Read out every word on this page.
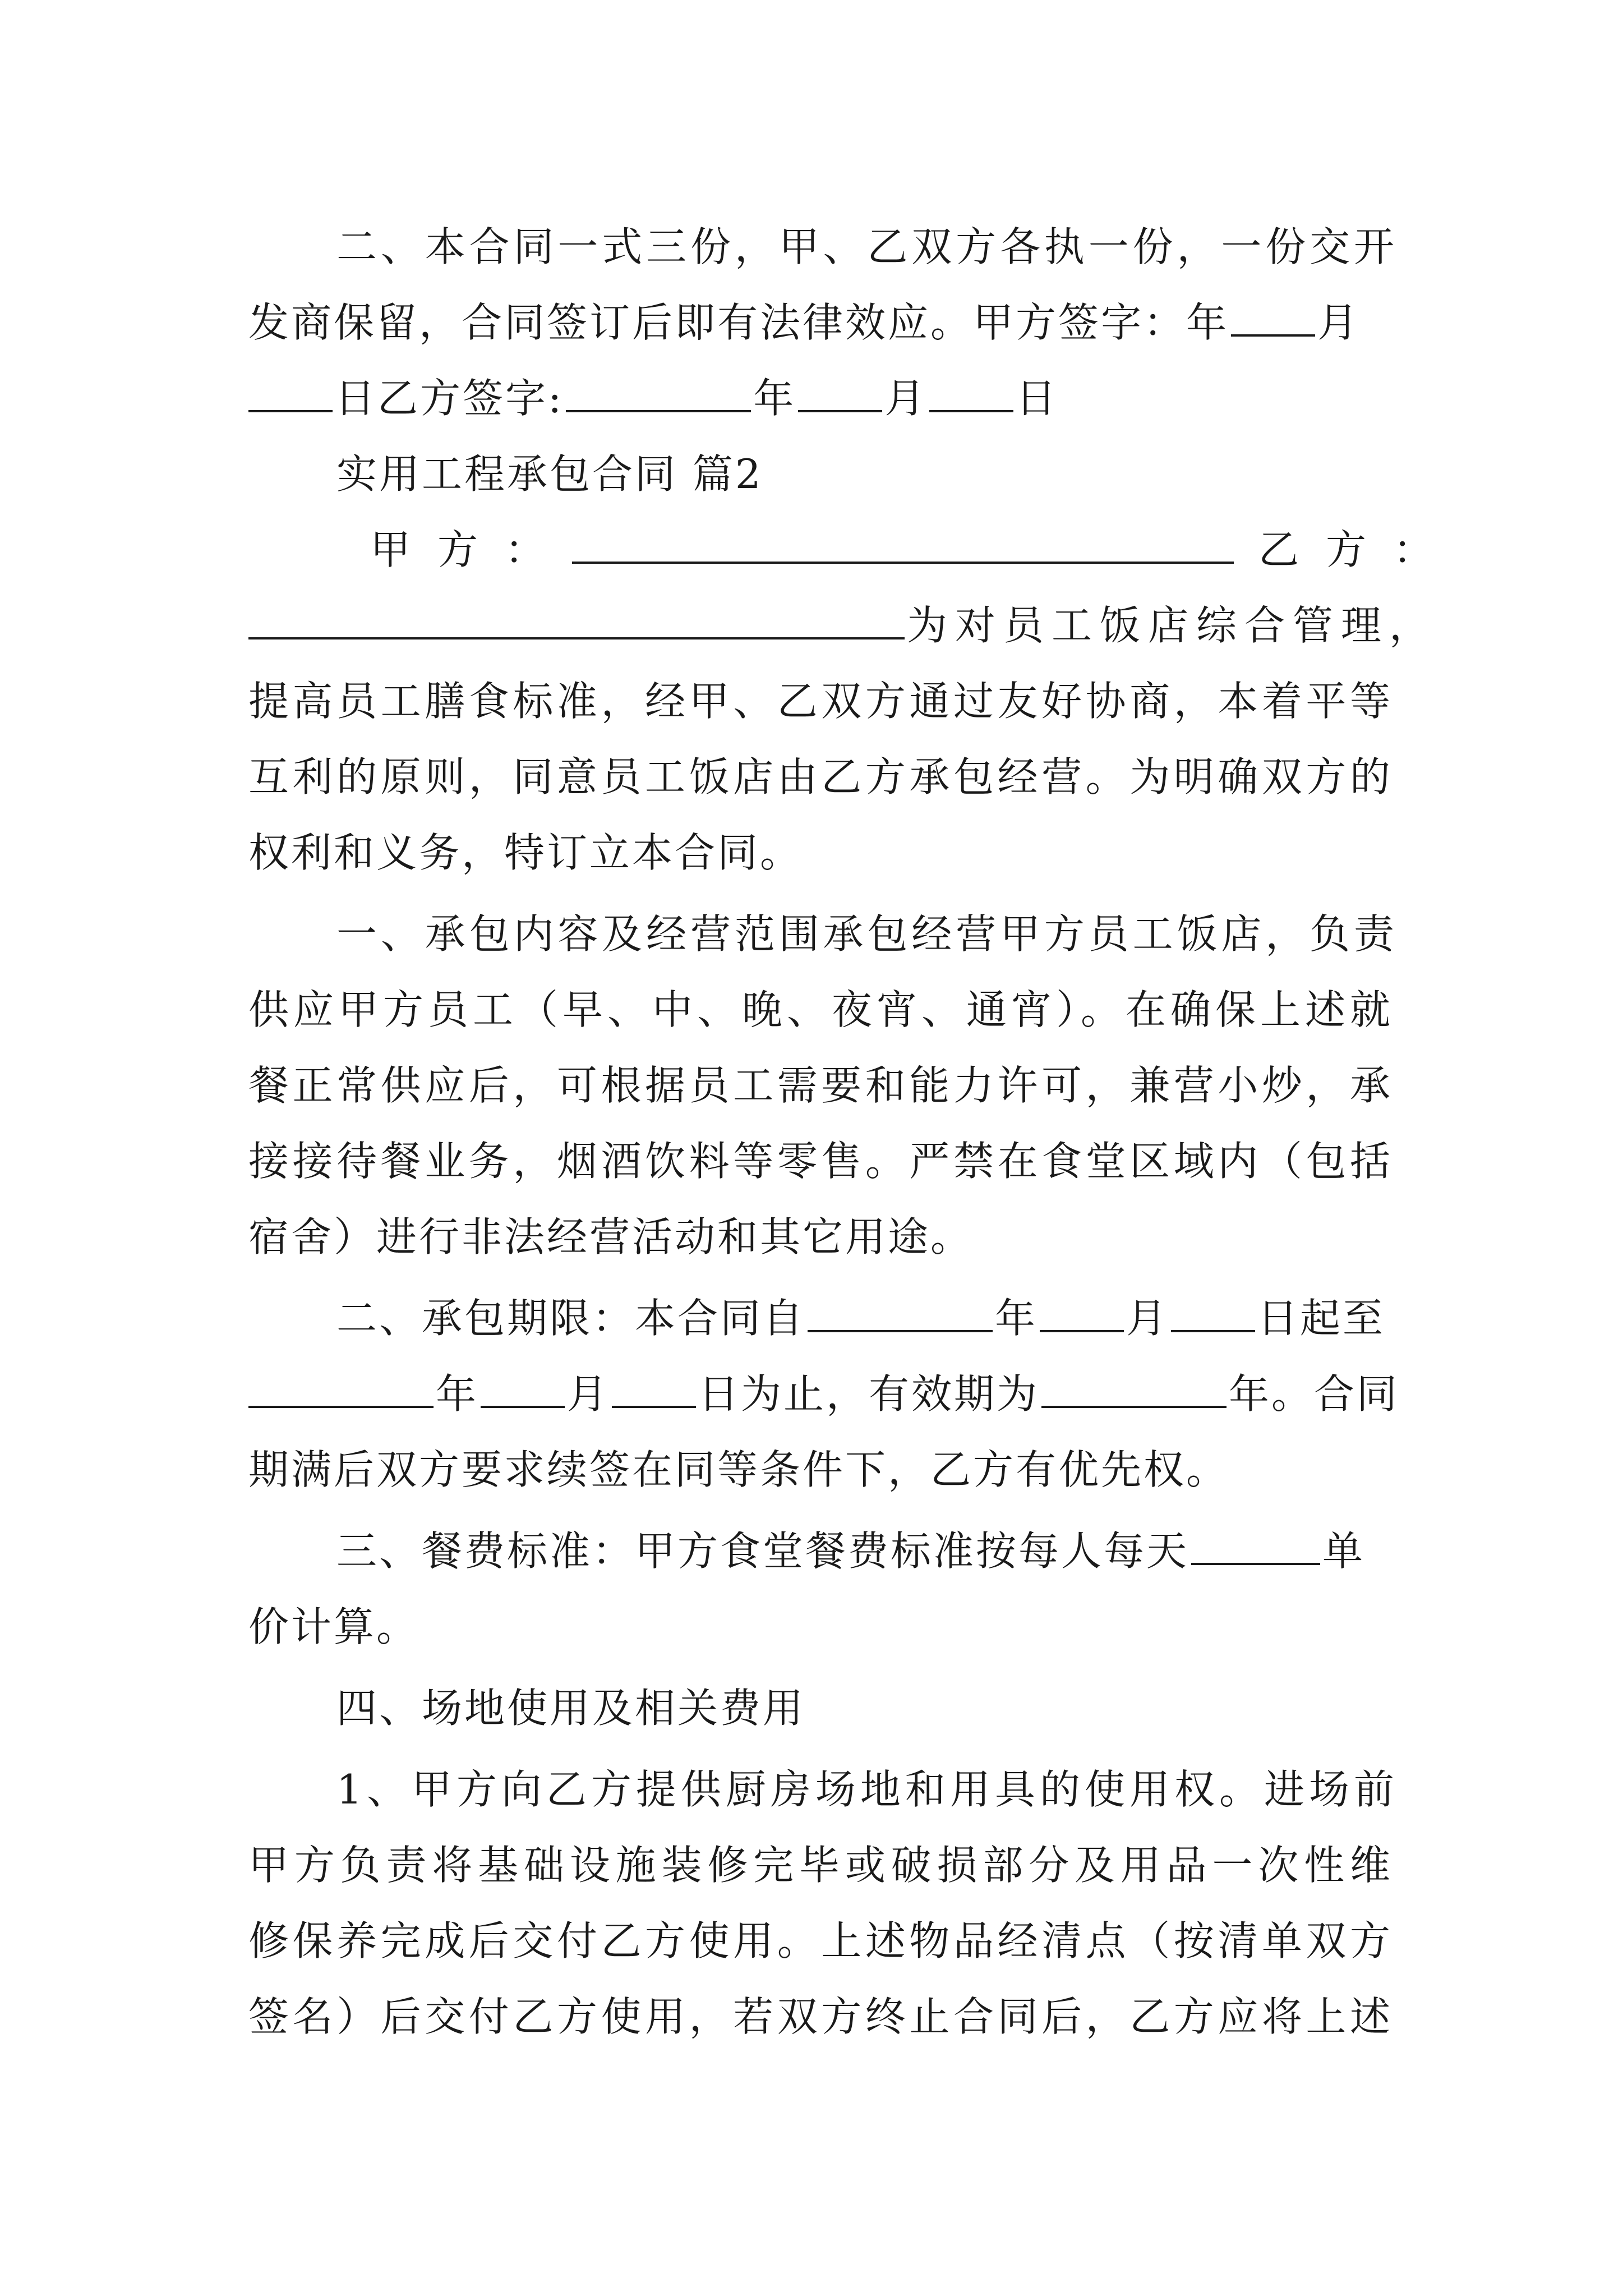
二、本合同一式三份，甲、乙双方各执一份，一份交开
发商保留，合同签订后即有法律效应。甲方签字：年 月
日乙方签字:	年 月 日
实用工程承包合同 篇2
甲方：	乙方：
为对员工饭店综合管理，
提高员工膳食标准，经甲、乙双方通过友好协商，本着平等
互利的原则，同意员工饭店由乙方承包经营。为明确双方的
权利和义务，特订立本合同。
一、承包内容及经营范围承包经营甲方员工饭店，负责
供应甲方员工（早、中、晚、夜宵、通宵）。在确保上述就
餐正常供应后，可根据员工需要和能力许可，兼营小炒，承
接接待餐业务，烟酒饮料等零售。严禁在食堂区域内（包括
宿舍）进行非法经营活动和其它用途。
二、承包期限：本合同自	年 月 日起至
年 月 日为止，有效期为	年。合同
期满后双方要求续签在同等条件下，乙方有优先权。
三、餐费标准：甲方食堂餐费标准按每人每天	单
价计算。
四、场地使用及相关费用
1、甲方向乙方提供厨房场地和用具的使用权。进场前
甲方负责将基础设施装修完毕或破损部分及用品一次性维
修保养完成后交付乙方使用。上述物品经清点（按清单双方
签名）后交付乙方使用，若双方终止合同后，乙方应将上述
